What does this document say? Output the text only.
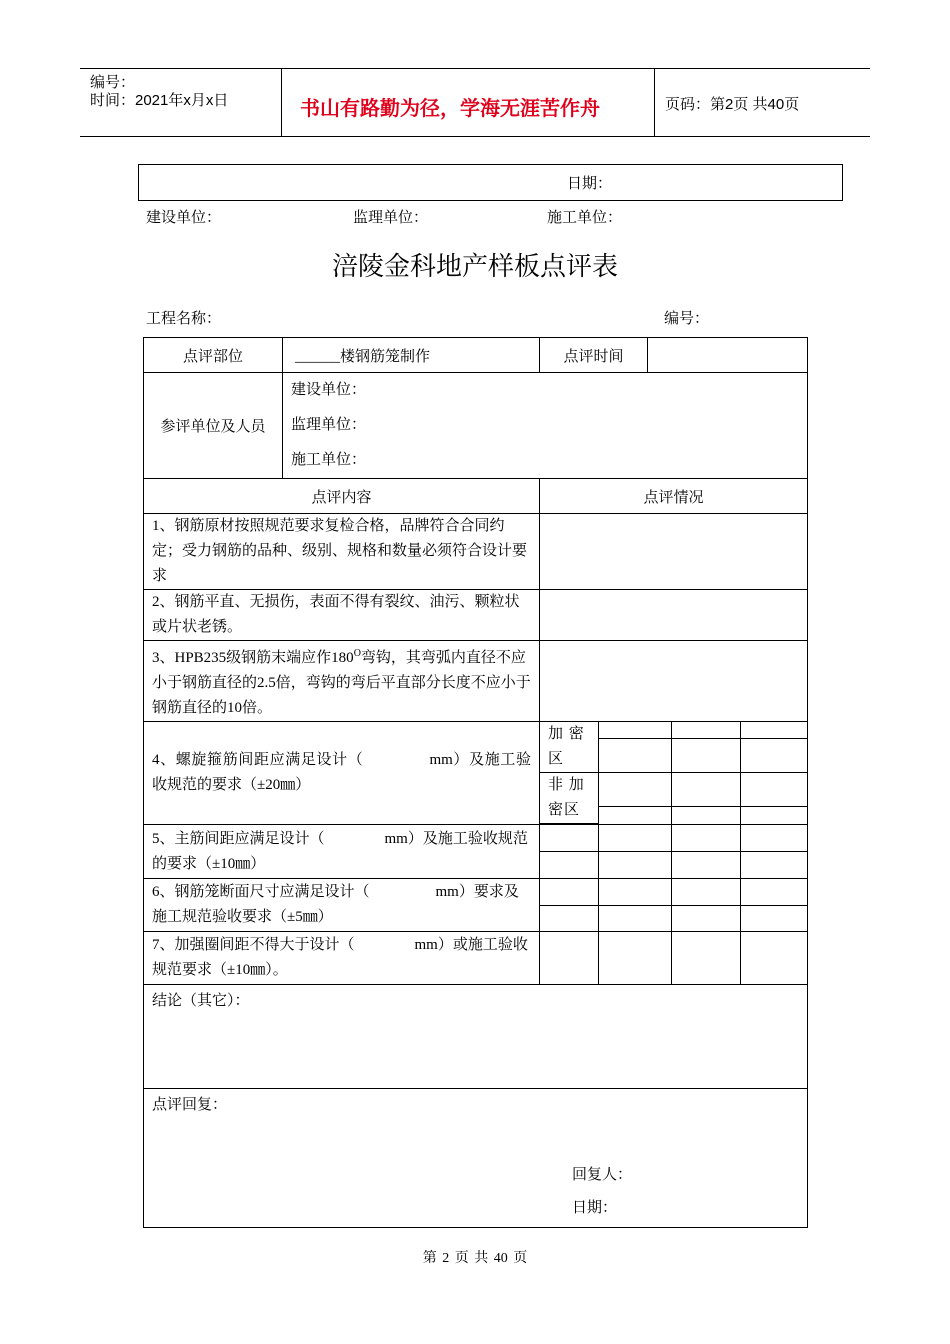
编号：
时间：2021年x月x日	书山有路勤为径，学海无涯苦作舟	页码：第2页 共40页
日期：
建设单位：	监理单位：	施工单位：
涪陵金科地产样板点评表
工程名称：	编号：
点评部位	______楼钢筋笼制作	点评时间	
参评单位及人员	
建设单位：
监理单位：
施工单位：

点评内容	点评情况

1、钢筋原材按照规范要求复检合格，品牌符合合同约定；受力钢筋的品种、级别、规格和数量必须符合设计要求

2、钢筋平直、无损伤，表面不得有裂纹、油污、颗粒状或片状老锈。

3、HPB235级钢筋末端应作$180^O$弯钩，其弯弧内直径不应小于钢筋直径的2.5倍，弯钩的弯后平直部分长度不应小于钢筋直径的10倍。

4、螺旋箍筋间距应满足设计（	mm）及施工验收规范的要求（±20㎜）

加 密 区			

非 加 密区			

5、主筋间距应满足设计（	mm）及施工验收规范的要求（±10㎜）

6、钢筋笼断面尺寸应满足设计（	mm）要求及施工规范验收要求（±5㎜）

7、加强圈间距不得大于设计（	mm）或施工验收规范要求（±10㎜）。

结论（其它）：

点评回复：
回复人：
日期：
第 2 页 共 40 页
